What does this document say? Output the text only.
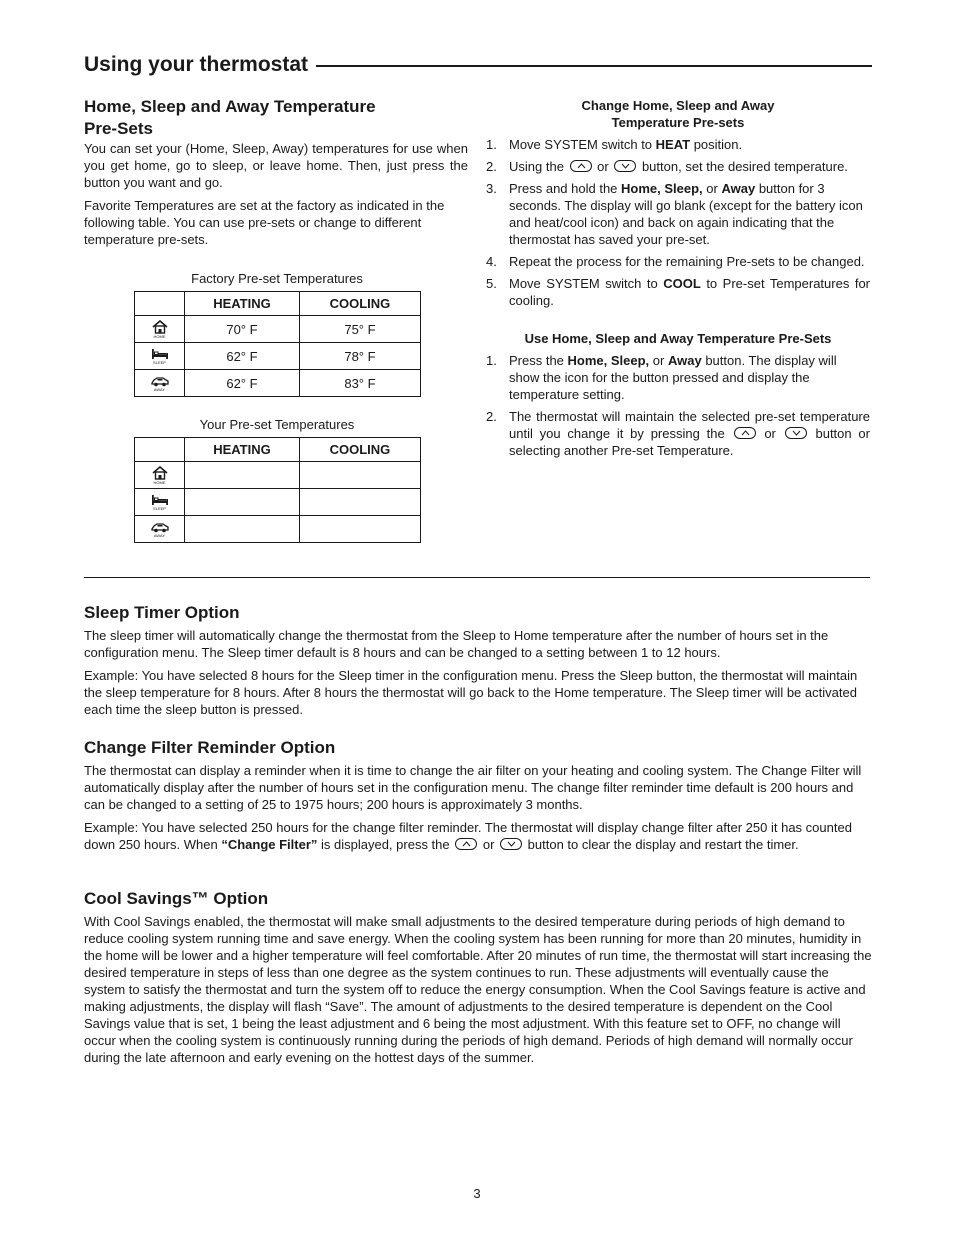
Using your thermostat
Home, Sleep and Away Temperature
Pre-Sets

You can set your (Home, Sleep, Away) temperatures for use when you get home, go to sleep, or leave home. Then, just press the button you want and go.

Favorite Temperatures are set at the factory as indicated in the following table. You can use pre-sets or change to different temperature pre-sets.

Factory Pre-set Temperatures
	HEATING	COOLING

HOME	70° F	75° F

SLEEP	62° F	78° F

AWAY	62° F	83° F
Your Pre-set Temperatures
	HEATING	COOLING

HOME		

SLEEP		

AWAY		

Change Home, Sleep and Away
Temperature Pre-sets
1. Move SYSTEM switch to HEAT position.
2. Using the
or
button, set the desired temperature.
3. Press and hold the Home, Sleep, or Away button for 3 seconds. The display will go blank (except for the battery icon and heat/cool icon) and back on again indicating that the thermostat has saved your pre-set.
4. Repeat the process for the remaining Pre-sets to be changed.
5. Move SYSTEM switch to COOL to Pre-set Temperatures for cooling.
Use Home, Sleep and Away Temperature Pre-Sets
1. Press the Home, Sleep, or Away button. The display will show the icon for the button pressed and display the temperature setting.
2. The thermostat will maintain the selected pre-set temperature until you change it by pressing the
or
button or selecting another Pre-set Temperature.
Sleep Timer Option

The sleep timer will automatically change the thermostat from the Sleep to Home temperature after the number of hours set in the configuration menu. The Sleep timer default is 8 hours and can be changed to a setting between 1 to 12 hours.

Example: You have selected 8 hours for the Sleep timer in the configuration menu. Press the Sleep button, the thermostat will maintain the sleep temperature for 8 hours. After 8 hours the thermostat will go back to the Home temperature. The Sleep timer will be activated each time the sleep button is pressed.

Change Filter Reminder Option

The thermostat can display a reminder when it is time to change the air filter on your heating and cooling system. The Change Filter will automatically display after the number of hours set in the configuration menu. The change filter reminder time default is 200 hours and can be changed to a setting of 25 to 1975 hours; 200 hours is approximately 3 months.

Example: You have selected 250 hours for the change filter reminder. The thermostat will display change filter after 250 it has counted down 250 hours. When “Change Filter” is displayed, press the
or
button to clear the display and restart the timer.

Cool Savings™ Option

With Cool Savings enabled, the thermostat will make small adjustments to the desired temperature during periods of high demand to reduce cooling system running time and save energy. When the cooling system has been running for more than 20 minutes, humidity in the home will be lower and a higher temperature will feel comfortable. After 20 minutes of run time, the thermostat will start increasing the desired temperature in steps of less than one degree as the system continues to run. These adjustments will eventually cause the system to satisfy the thermostat and turn the system off to reduce the energy consumption. When the Cool Savings feature is active and making adjustments, the display will flash “Save”. The amount of adjustments to the desired temperature is dependent on the Cool Savings value that is set, 1 being the least adjustment and 6 being the most adjustment. With this feature set to OFF, no change will occur when the cooling system is continuously running during the periods of high demand. Periods of high demand will normally occur during the late afternoon and early evening on the hottest days of the summer.

3
